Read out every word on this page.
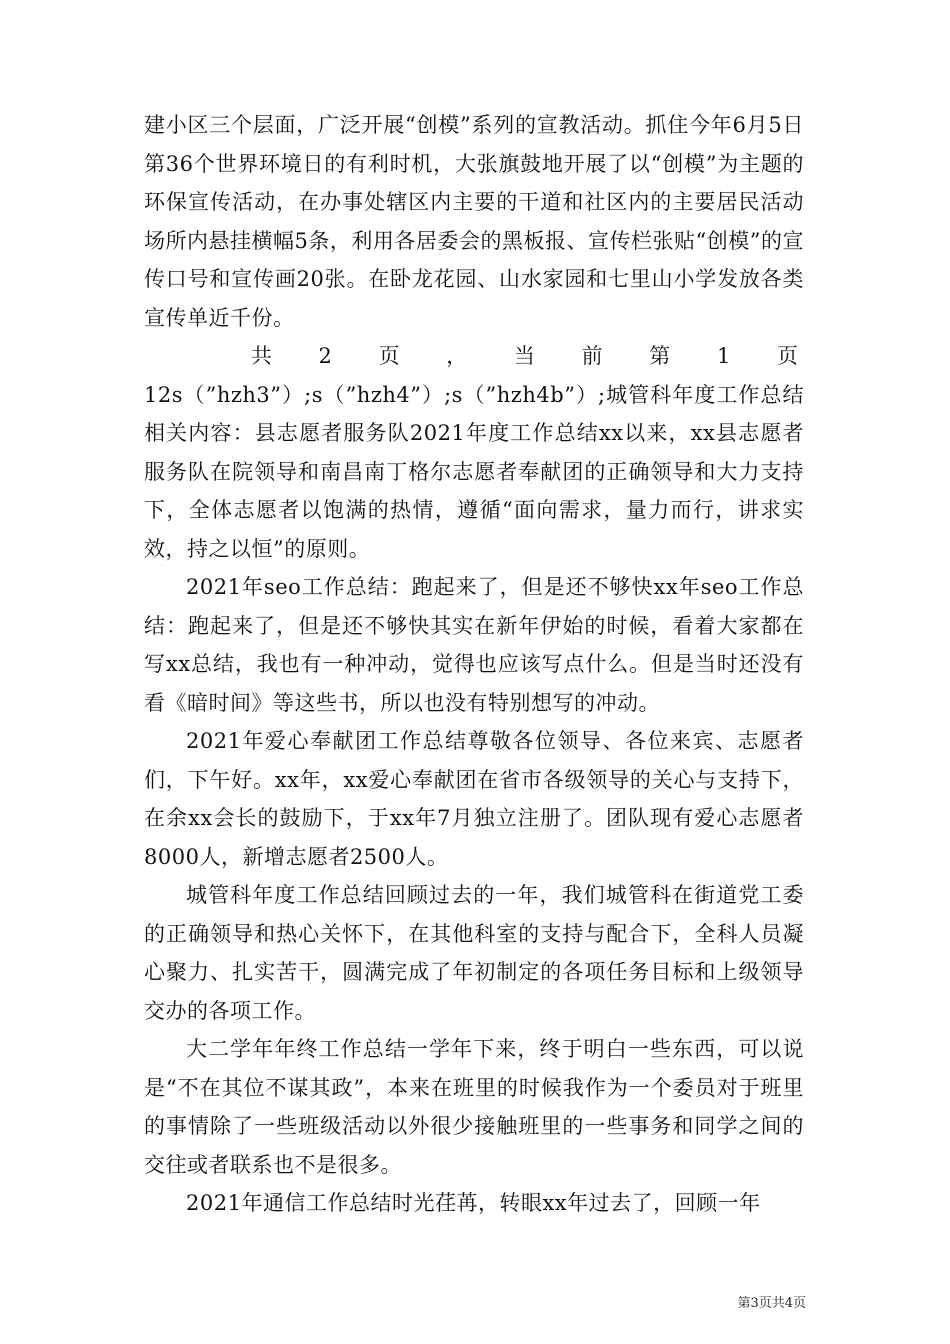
建小区三个层面，广泛开展“创模”系列的宣教活动。抓住今年6月5日第36个世界环境日的有利时机，大张旗鼓地开展了以“创模”为主题的环保宣传活动，在办事处辖区内主要的干道和社区内的主要居民活动场所内悬挂横幅5条，利用各居委会的黑板报、宣传栏张贴“创模”的宣传口号和宣传画20张。在卧龙花园、山水家园和七里山小学发放各类宣传单近千份。

共 2 页 ， 当 前 第 1 页

12s（”hzh3”）;s（”hzh4”）;s（”hzh4b”）;城管科年度工作总结相关内容：县志愿者服务队2021年度工作总结xx以来，xx县志愿者服务队在院领导和南昌南丁格尔志愿者奉献团的正确领导和大力支持下，全体志愿者以饱满的热情，遵循“面向需求，量力而行，讲求实效，持之以恒”的原则。

2021年seo工作总结：跑起来了，但是还不够快xx年seo工作总结：跑起来了，但是还不够快其实在新年伊始的时候，看着大家都在写xx总结，我也有一种冲动，觉得也应该写点什么。但是当时还没有看《暗时间》等这些书，所以也没有特别想写的冲动。

2021年爱心奉献团工作总结尊敬各位领导、各位来宾、志愿者们，下午好。xx年，xx爱心奉献团在省市各级领导的关心与支持下，在余xx会长的鼓励下，于xx年7月独立注册了。团队现有爱心志愿者8000人，新增志愿者2500人。

城管科年度工作总结回顾过去的一年，我们城管科在街道党工委的正确领导和热心关怀下，在其他科室的支持与配合下，全科人员凝心聚力、扎实苦干，圆满完成了年初制定的各项任务目标和上级领导交办的各项工作。

大二学年年终工作总结一学年下来，终于明白一些东西，可以说是“不在其位不谋其政”，本来在班里的时候我作为一个委员对于班里的事情除了一些班级活动以外很少接触班里的一些事务和同学之间的交往或者联系也不是很多。

2021年通信工作总结时光荏苒，转眼xx年过去了，回顾一年

第3页共4页
